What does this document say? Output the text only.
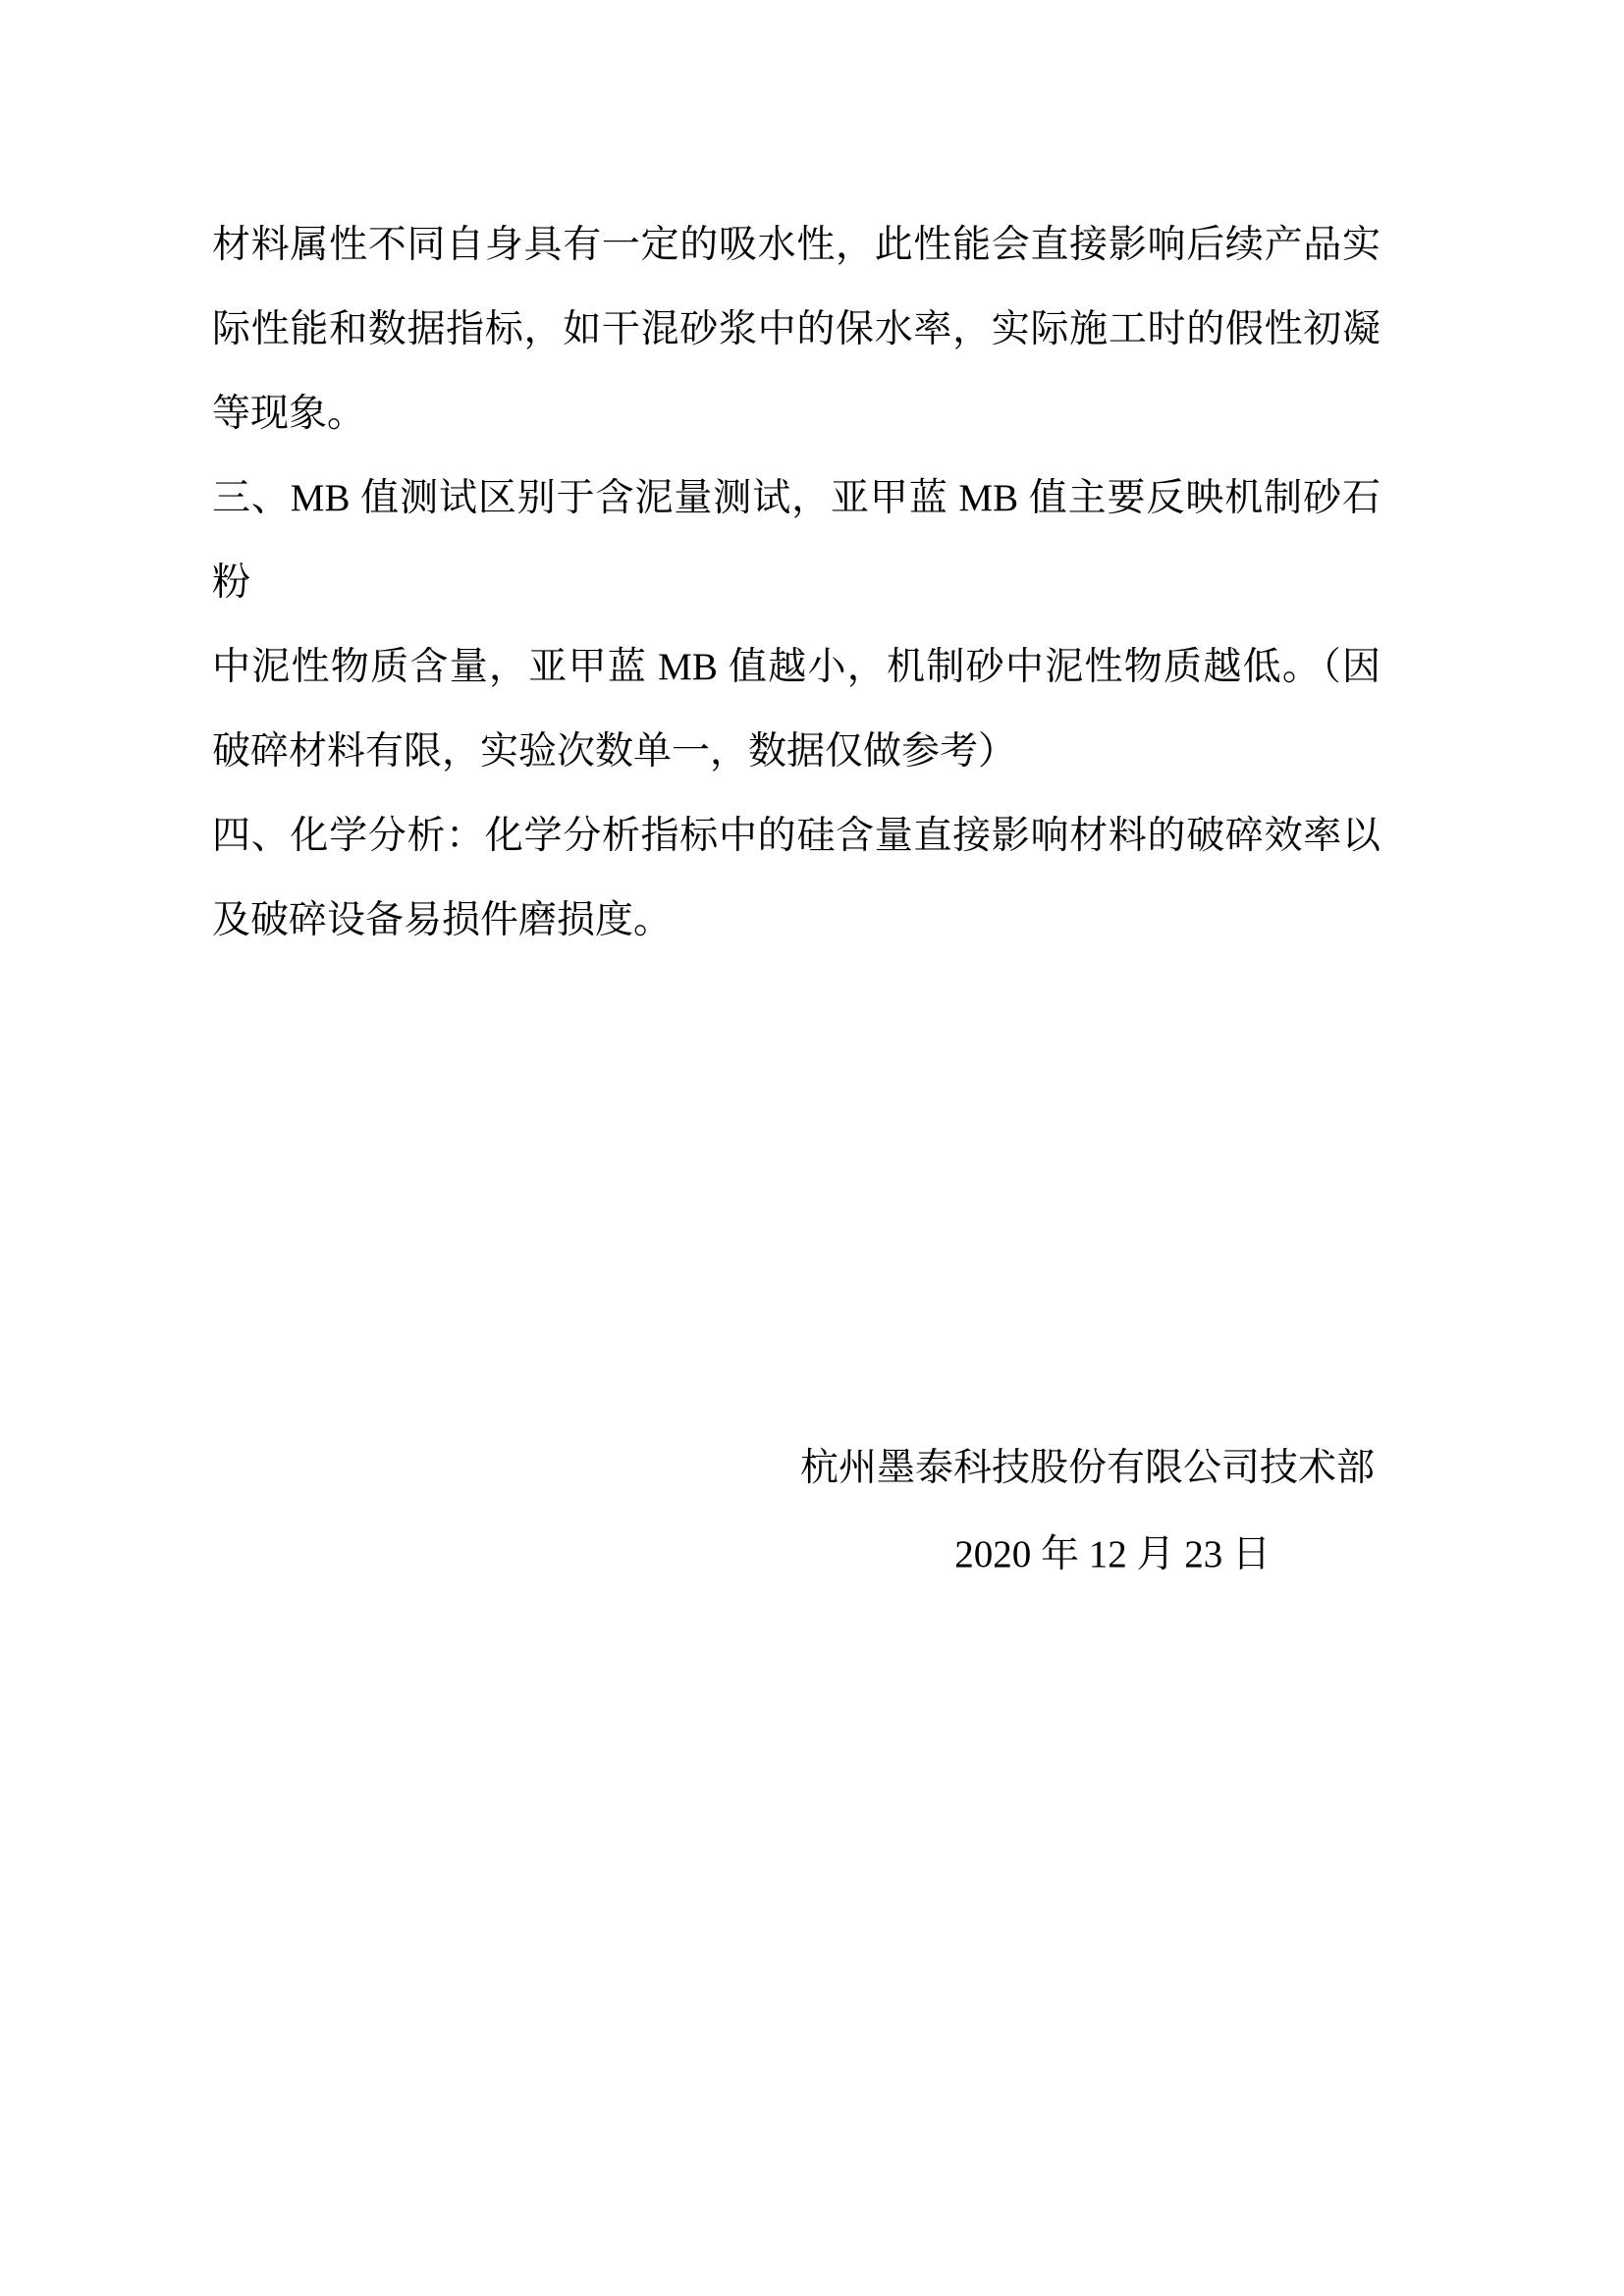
材料属性不同自身具有一定的吸水性，此性能会直接影响后续产品实
际性能和数据指标，如干混砂浆中的保水率，实际施工时的假性初凝
等现象。
三、MB 值测试区别于含泥量测试，亚甲蓝 MB 值主要反映机制砂石粉
中泥性物质含量，亚甲蓝 MB 值越小，机制砂中泥性物质越低。（因
破碎材料有限，实验次数单一，数据仅做参考）
四、化学分析：化学分析指标中的硅含量直接影响材料的破碎效率以
及破碎设备易损件磨损度。
杭州墨泰科技股份有限公司技术部
2020 年 12 月 23 日
